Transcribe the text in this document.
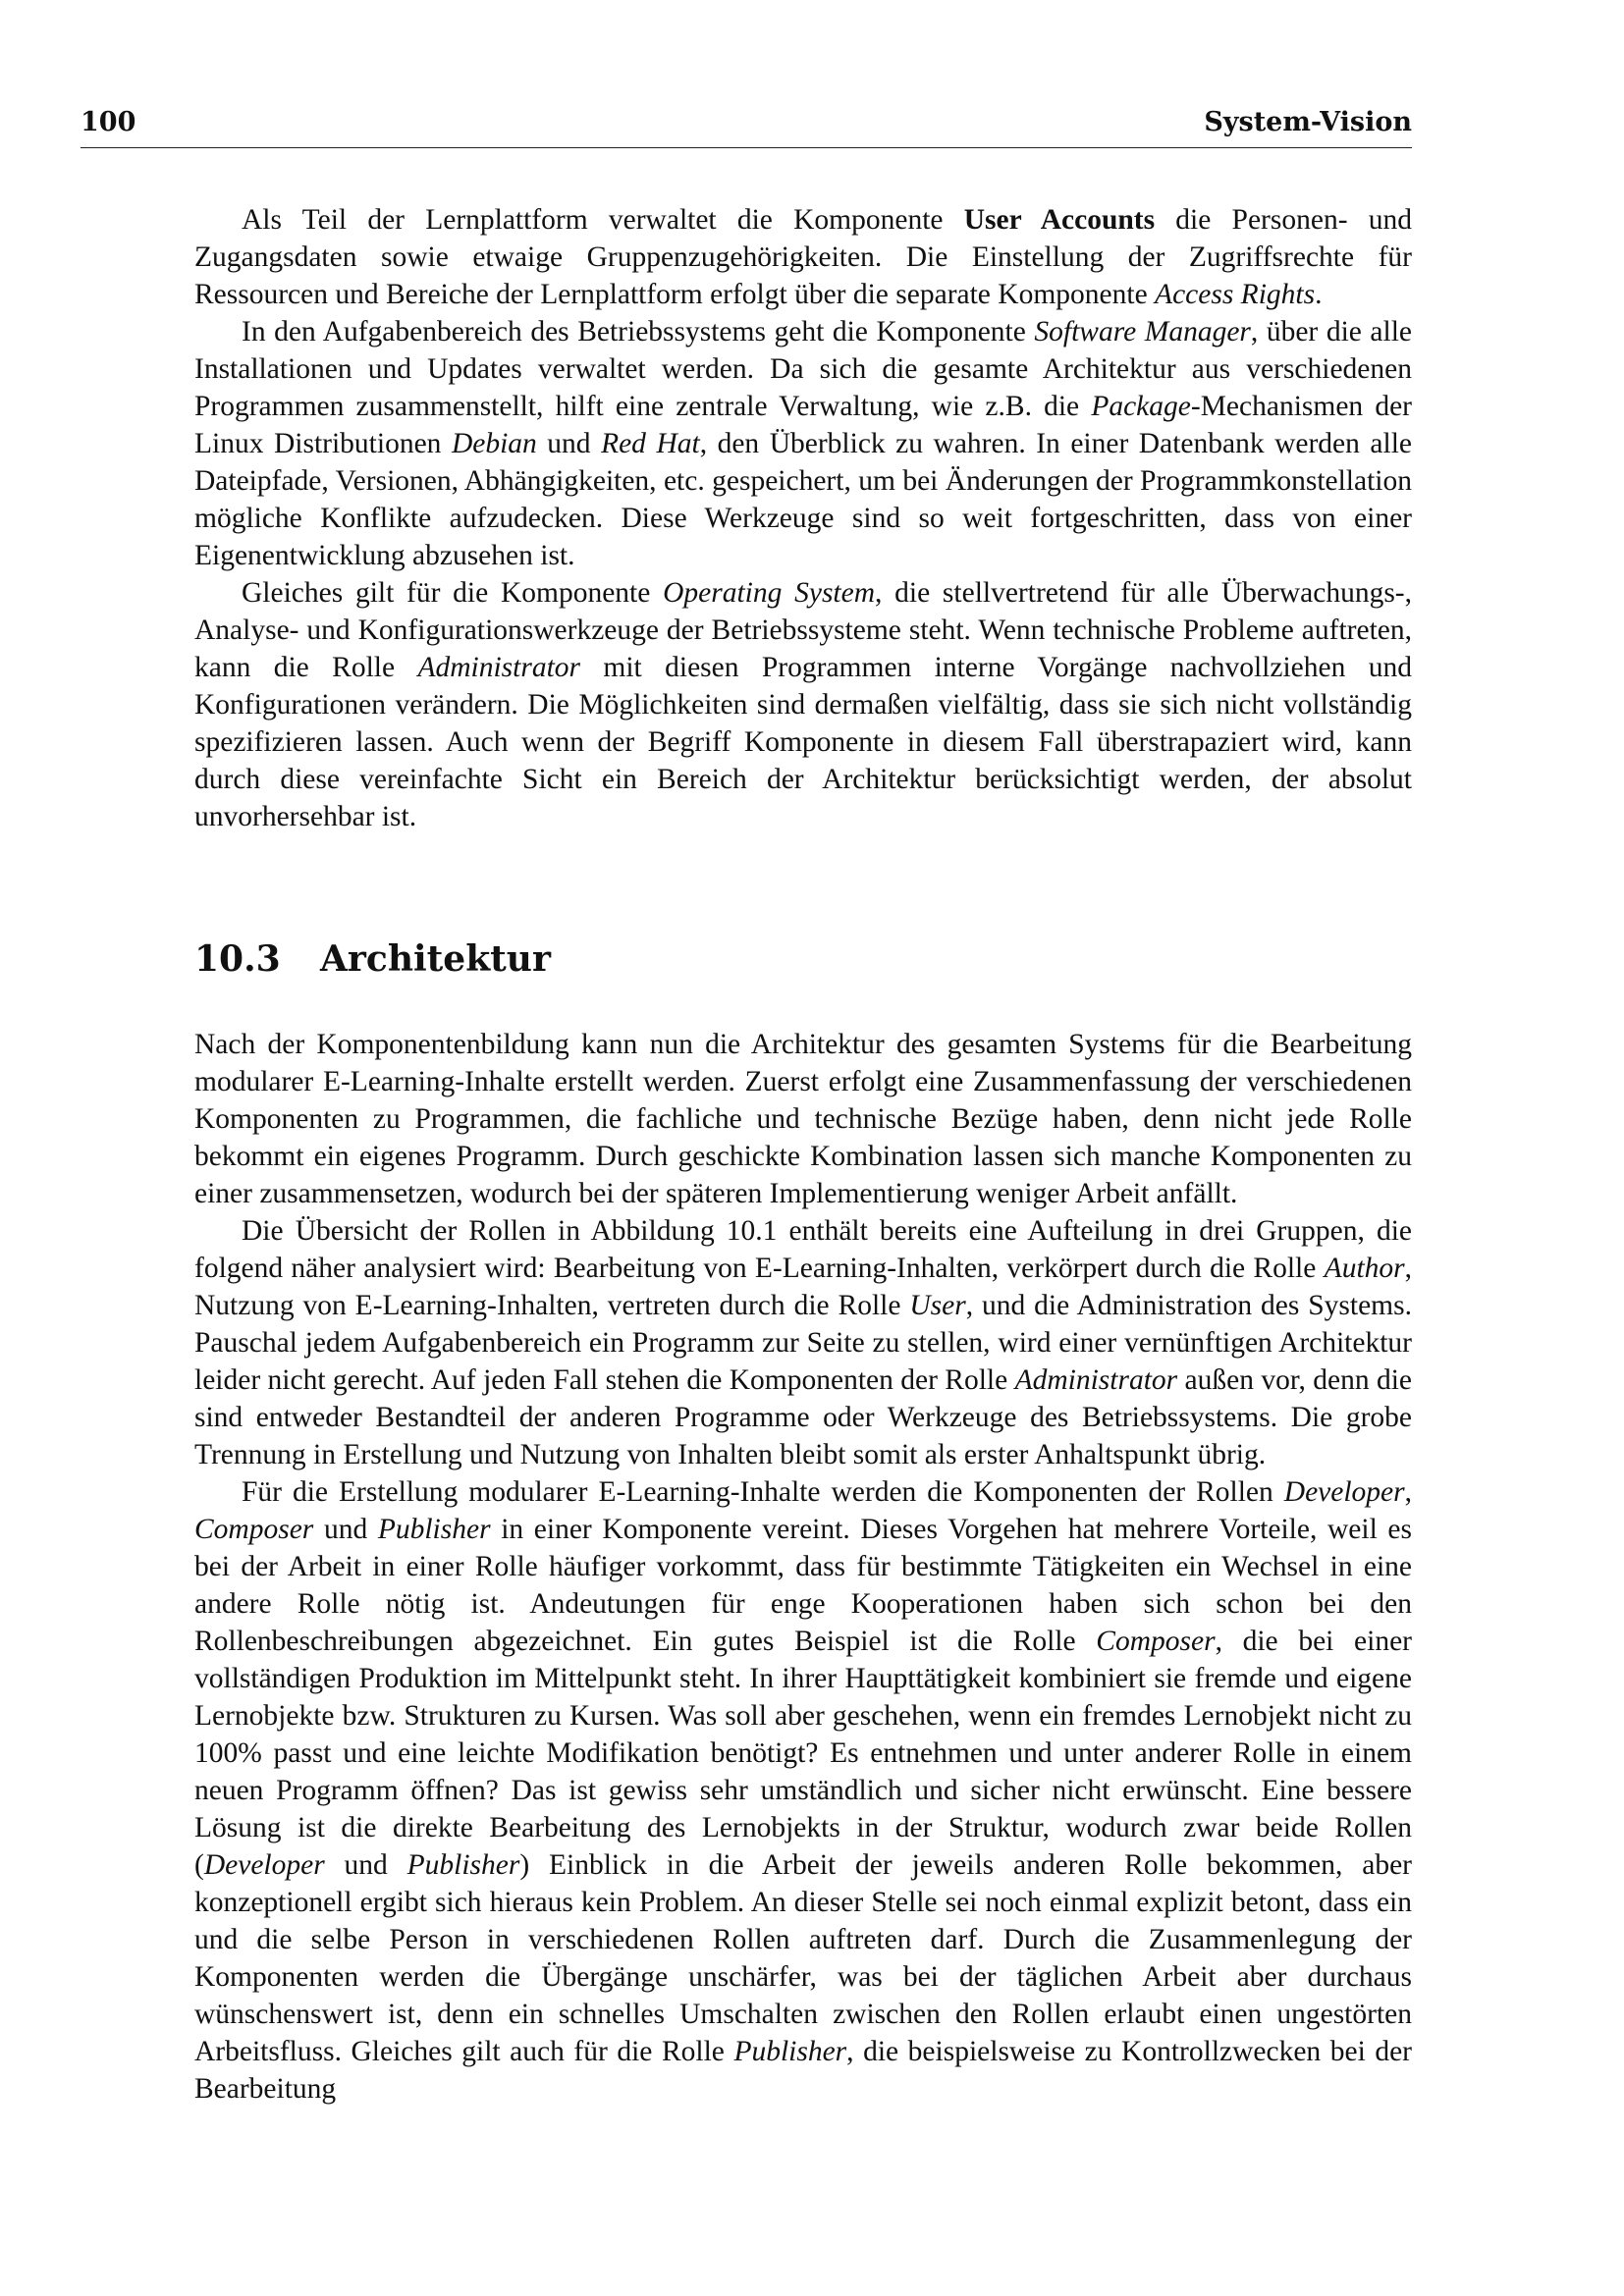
100	System-Vision

Als Teil der Lernplattform verwaltet die Komponente User Accounts die Personen- und Zugangsdaten sowie etwaige Gruppenzugehörigkeiten. Die Einstellung der Zugriffsrechte für Ressourcen und Bereiche der Lernplattform erfolgt über die separate Komponente Access Rights.

In den Aufgabenbereich des Betriebssystems geht die Komponente Software Manager, über die alle Installationen und Updates verwaltet werden. Da sich die gesamte Architektur aus verschiedenen Programmen zusammenstellt, hilft eine zentrale Verwaltung, wie z.B. die Package-Mechanismen der Linux Distributionen Debian und Red Hat, den Überblick zu wahren. In einer Datenbank werden alle Dateipfade, Versionen, Abhängigkeiten, etc. gespeichert, um bei Änderungen der Programmkonstellation mögliche Konflikte aufzudecken. Diese Werkzeuge sind so weit fortgeschritten, dass von einer Eigenentwicklung abzusehen ist.

Gleiches gilt für die Komponente Operating System, die stellvertretend für alle Überwachungs-, Analyse- und Konfigurationswerkzeuge der Betriebssysteme steht. Wenn technische Probleme auftreten, kann die Rolle Administrator mit diesen Programmen interne Vorgänge nachvollziehen und Konfigurationen verändern. Die Möglichkeiten sind dermaßen vielfältig, dass sie sich nicht vollständig spezifizieren lassen. Auch wenn der Begriff Komponente in diesem Fall überstrapaziert wird, kann durch diese vereinfachte Sicht ein Bereich der Architektur berücksichtigt werden, der absolut unvorhersehbar ist.

10.3 Architektur

Nach der Komponentenbildung kann nun die Architektur des gesamten Systems für die Bearbeitung modularer E-Learning-Inhalte erstellt werden. Zuerst erfolgt eine Zusammenfassung der verschiedenen Komponenten zu Programmen, die fachliche und technische Bezüge haben, denn nicht jede Rolle bekommt ein eigenes Programm. Durch geschickte Kombination lassen sich manche Komponenten zu einer zusammensetzen, wodurch bei der späteren Implementierung weniger Arbeit anfällt.

Die Übersicht der Rollen in Abbildung 10.1 enthält bereits eine Aufteilung in drei Gruppen, die folgend näher analysiert wird: Bearbeitung von E-Learning-Inhalten, verkörpert durch die Rolle Author, Nutzung von E-Learning-Inhalten, vertreten durch die Rolle User, und die Administration des Systems. Pauschal jedem Aufgabenbereich ein Programm zur Seite zu stellen, wird einer vernünftigen Architektur leider nicht gerecht. Auf jeden Fall stehen die Komponenten der Rolle Administrator außen vor, denn die sind entweder Bestandteil der anderen Programme oder Werkzeuge des Betriebssystems. Die grobe Trennung in Erstellung und Nutzung von Inhalten bleibt somit als erster Anhaltspunkt übrig.

Für die Erstellung modularer E-Learning-Inhalte werden die Komponenten der Rollen Developer, Composer und Publisher in einer Komponente vereint. Dieses Vorgehen hat mehrere Vorteile, weil es bei der Arbeit in einer Rolle häufiger vorkommt, dass für bestimmte Tätigkeiten ein Wechsel in eine andere Rolle nötig ist. Andeutungen für enge Kooperationen haben sich schon bei den Rollenbeschreibungen abgezeichnet. Ein gutes Beispiel ist die Rolle Composer, die bei einer vollständigen Produktion im Mittelpunkt steht. In ihrer Haupttätigkeit kombiniert sie fremde und eigene Lernobjekte bzw. Strukturen zu Kursen. Was soll aber geschehen, wenn ein fremdes Lernobjekt nicht zu 100% passt und eine leichte Modifikation benötigt? Es entnehmen und unter anderer Rolle in einem neuen Programm öffnen? Das ist gewiss sehr umständlich und sicher nicht erwünscht. Eine bessere Lösung ist die direkte Bearbeitung des Lernobjekts in der Struktur, wodurch zwar beide Rollen (Developer und Publisher) Einblick in die Arbeit der jeweils anderen Rolle bekommen, aber konzeptionell ergibt sich hieraus kein Problem. An dieser Stelle sei noch einmal explizit betont, dass ein und die selbe Person in verschiedenen Rollen auftreten darf. Durch die Zusammenlegung der Komponenten werden die Übergänge unschärfer, was bei der täglichen Arbeit aber durchaus wünschenswert ist, denn ein schnelles Umschalten zwischen den Rollen erlaubt einen ungestörten Arbeitsfluss. Gleiches gilt auch für die Rolle Publisher, die beispielsweise zu Kontrollzwecken bei der Bearbeitung
